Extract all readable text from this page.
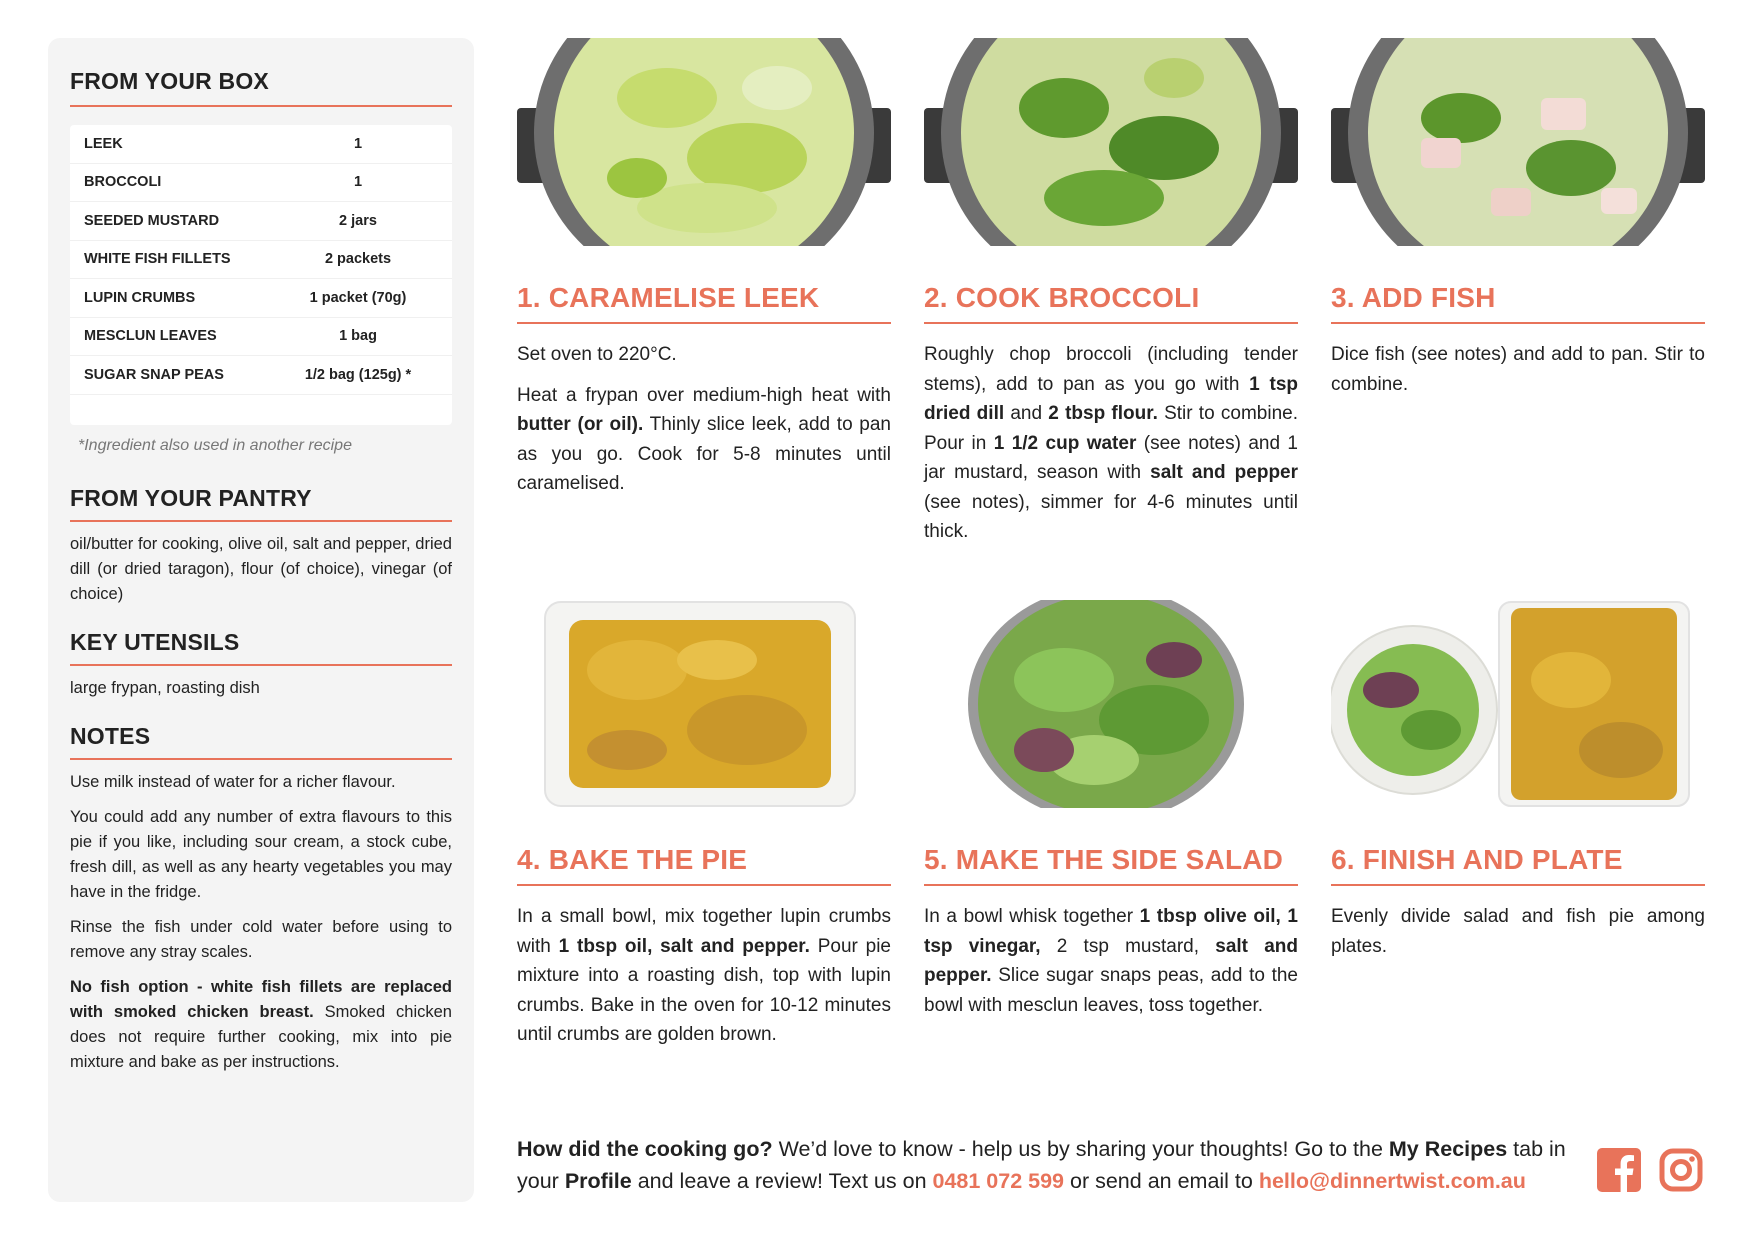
FROM YOUR BOX
LEEK	1
BROCCOLI	1
SEEDED MUSTARD	2 jars
WHITE FISH FILLETS	2 packets
LUPIN CRUMBS	1 packet (70g)
MESCLUN LEAVES	1 bag
SUGAR SNAP PEAS	1/2 bag (125g) *
*Ingredient also used in another recipe
FROM YOUR PANTRY
oil/butter for cooking, olive oil, salt and pepper, dried dill (or dried taragon), flour (of choice), vinegar (of choice)
KEY UTENSILS
large frypan, roasting dish
NOTES

Use milk instead of water for a richer flavour.

You could add any number of extra flavours to this pie if you like, including sour cream, a stock cube, fresh dill, as well as any hearty vegetables you may have in the fridge.

Rinse the fish under cold water before using to remove any stray scales.

No fish option - white fish fillets are replaced with smoked chicken breast. Smoked chicken does not require further cooking, mix into pie mixture and bake as per instructions.

1. CARAMELISE LEEK

Set oven to 220°C.

Heat a frypan over medium-high heat with butter (or oil). Thinly slice leek, add to pan as you go. Cook for 5-8 minutes until caramelised.

2. COOK BROCCOLI

Roughly chop broccoli (including tender stems), add to pan as you go with 1 tsp dried dill and 2 tbsp flour. Stir to combine. Pour in 1 1/2 cup water (see notes) and 1 jar mustard, season with salt and pepper (see notes), simmer for 4-6 minutes until thick.

3. ADD FISH

Dice fish (see notes) and add to pan. Stir to combine.

4. BAKE THE PIE

In a small bowl, mix together lupin crumbs with 1 tbsp oil, salt and pepper. Pour pie mixture into a roasting dish, top with lupin crumbs. Bake in the oven for 10-12 minutes until crumbs are golden brown.

5. MAKE THE SIDE SALAD

In a bowl whisk together 1 tbsp olive oil, 1 tsp vinegar, 2 tsp mustard, salt and pepper. Slice sugar snaps peas, add to the bowl with mesclun leaves, toss together.

6. FINISH AND PLATE

Evenly divide salad and fish pie among plates.

How did the cooking go? We’d love to know - help us by sharing your thoughts! Go to the My Recipes tab in your Profile and leave a review! Text us on 0481 072 599 or send an email to hello@dinnertwist.com.au
